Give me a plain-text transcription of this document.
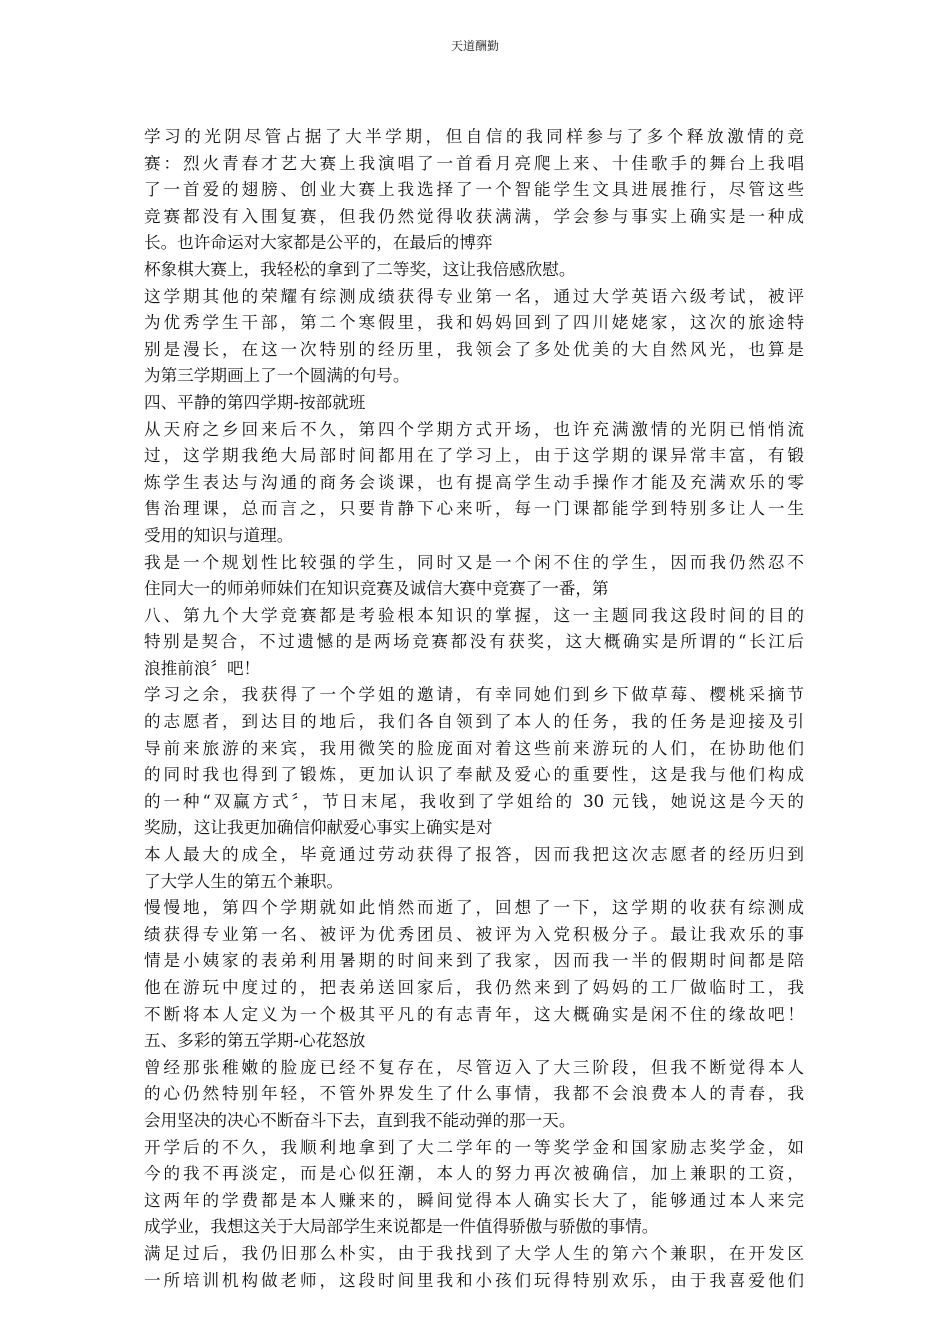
天道酬勤
学习的光阴尽管占据了大半学期，但自信的我同样参与了多个释放激情的竞
赛：烈火青春才艺大赛上我演唱了一首看月亮爬上来、十佳歌手的舞台上我唱
了一首爱的翅膀、创业大赛上我选择了一个智能学生文具进展推行，尽管这些
竞赛都没有入围复赛，但我仍然觉得收获满满，学会参与事实上确实是一种成
长。也许命运对大家都是公平的，在最后的博弈
杯象棋大赛上，我轻松的拿到了二等奖，这让我倍感欣慰。
这学期其他的荣耀有综测成绩获得专业第一名，通过大学英语六级考试，被评
为优秀学生干部，第二个寒假里，我和妈妈回到了四川姥姥家，这次的旅途特
别是漫长，在这一次特别的经历里，我领会了多处优美的大自然风光，也算是
为第三学期画上了一个圆满的句号。
四、平静的第四学期-按部就班
从天府之乡回来后不久，第四个学期方式开场，也许充满激情的光阴已悄悄流
过，这学期我绝大局部时间都用在了学习上，由于这学期的课异常丰富，有锻
炼学生表达与沟通的商务会谈课，也有提高学生动手操作才能及充满欢乐的零
售治理课，总而言之，只要肯静下心来听，每一门课都能学到特别多让人一生
受用的知识与道理。
我是一个规划性比较强的学生，同时又是一个闲不住的学生，因而我仍然忍不
住同大一的师弟师妹们在知识竞赛及诚信大赛中竞赛了一番，第
八、第九个大学竞赛都是考验根本知识的掌握，这一主题同我这段时间的目的
特别是契合，不过遗憾的是两场竞赛都没有获奖，这大概确实是所谓的“长江后
浪推前浪〞吧！
学习之余，我获得了一个学姐的邀请，有幸同她们到乡下做草莓、樱桃采摘节
的志愿者，到达目的地后，我们各自领到了本人的任务，我的任务是迎接及引
导前来旅游的来宾，我用微笑的脸庞面对着这些前来游玩的人们，在协助他们
的同时我也得到了锻炼，更加认识了奉献及爱心的重要性，这是我与他们构成
的一种“双赢方式〞，节日末尾，我收到了学姐给的 30 元钱，她说这是今天的
奖励，这让我更加确信仰献爱心事实上确实是对
本人最大的成全，毕竟通过劳动获得了报答，因而我把这次志愿者的经历归到
了大学人生的第五个兼职。
慢慢地，第四个学期就如此悄然而逝了，回想了一下，这学期的收获有综测成
绩获得专业第一名、被评为优秀团员、被评为入党积极分子。最让我欢乐的事
情是小姨家的表弟利用暑期的时间来到了我家，因而我一半的假期时间都是陪
他在游玩中度过的，把表弟送回家后，我仍然来到了妈妈的工厂做临时工，我
不断将本人定义为一个极其平凡的有志青年，这大概确实是闲不住的缘故吧！
五、多彩的第五学期-心花怒放
曾经那张稚嫩的脸庞已经不复存在，尽管迈入了大三阶段，但我不断觉得本人
的心仍然特别年轻，不管外界发生了什么事情，我都不会浪费本人的青春，我
会用坚决的决心不断奋斗下去，直到我不能动弹的那一天。
开学后的不久，我顺利地拿到了大二学年的一等奖学金和国家励志奖学金，如
今的我不再淡定，而是心似狂潮，本人的努力再次被确信，加上兼职的工资，
这两年的学费都是本人赚来的，瞬间觉得本人确实长大了，能够通过本人来完
成学业，我想这关于大局部学生来说都是一件值得骄傲与骄傲的事情。
满足过后，我仍旧那么朴实，由于我找到了大学人生的第六个兼职，在开发区
一所培训机构做老师，这段时间里我和小孩们玩得特别欢乐，由于我喜爱他们
